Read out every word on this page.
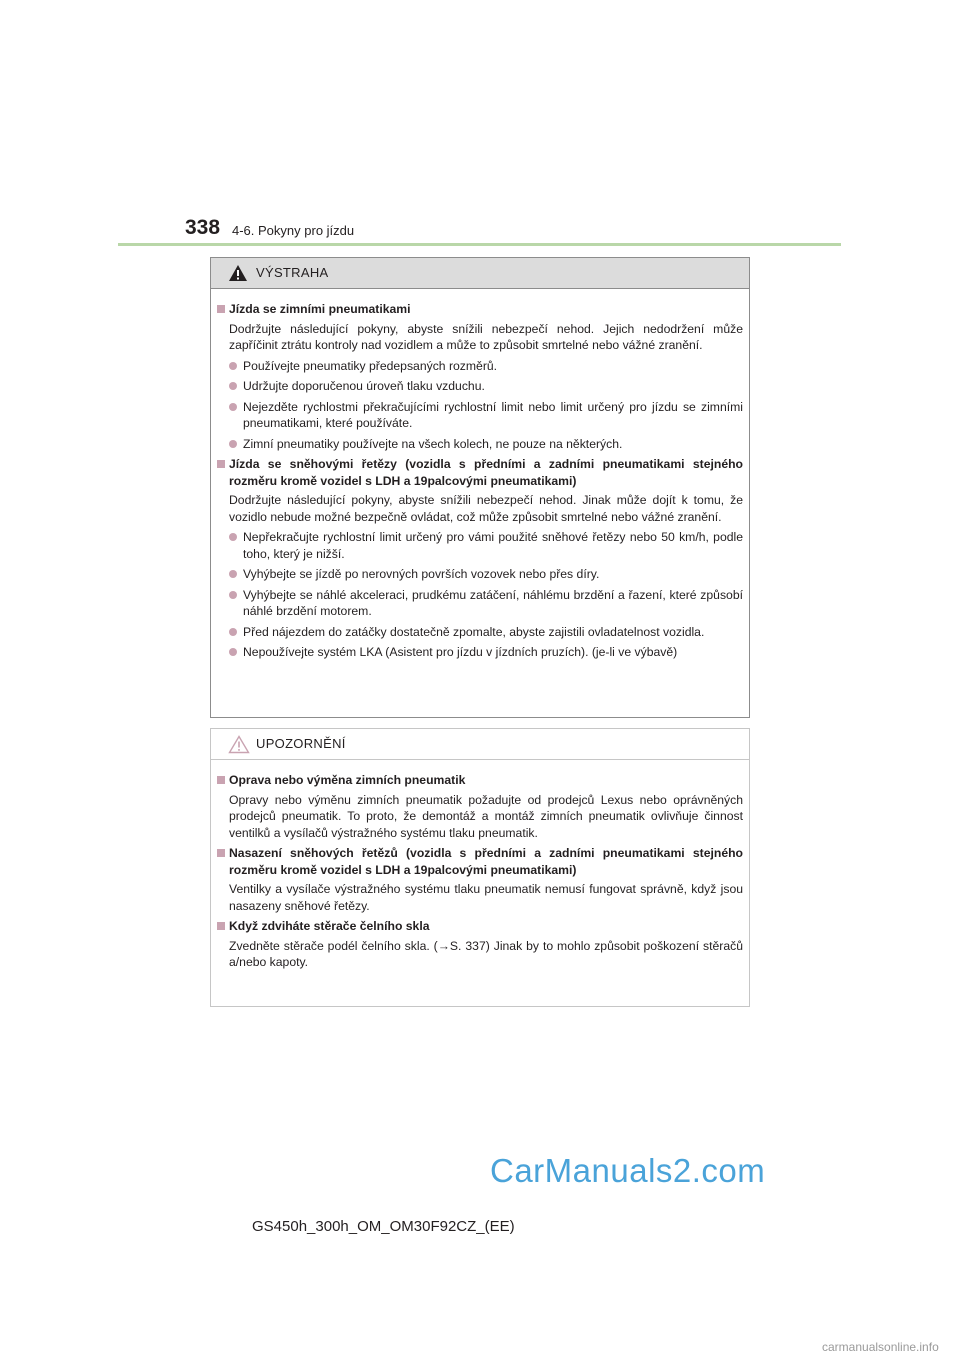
338 4-6. Pokyny pro jízdu
VÝSTRAHA
Jízda se zimními pneumatikami
Dodržujte následující pokyny, abyste snížili nebezpečí nehod. Jejich nedodržení může zapříčinit ztrátu kontroly nad vozidlem a může to způsobit smrtelné nebo vážné zranění.
Používejte pneumatiky předepsaných rozměrů.
Udržujte doporučenou úroveň tlaku vzduchu.
Nejezděte rychlostmi překračujícími rychlostní limit nebo limit určený pro jízdu se zimními pneumatikami, které používáte.
Zimní pneumatiky používejte na všech kolech, ne pouze na některých.
Jízda se sněhovými řetězy (vozidla s předními a zadními pneumatikami stejného rozměru kromě vozidel s LDH a 19palcovými pneumatikami)
Dodržujte následující pokyny, abyste snížili nebezpečí nehod. Jinak může dojít k tomu, že vozidlo nebude možné bezpečně ovládat, což může způsobit smrtelné nebo vážné zranění.
Nepřekračujte rychlostní limit určený pro vámi použité sněhové řetězy nebo 50 km/h, podle toho, který je nižší.
Vyhýbejte se jízdě po nerovných površích vozovek nebo přes díry.
Vyhýbejte se náhlé akceleraci, prudkému zatáčení, náhlému brzdění a řazení, které způsobí náhlé brzdění motorem.
Před nájezdem do zatáčky dostatečně zpomalte, abyste zajistili ovladatelnost vozidla.
Nepoužívejte systém LKA (Asistent pro jízdu v jízdních pruzích). (je-li ve výbavě)
UPOZORNĚNÍ
Oprava nebo výměna zimních pneumatik
Opravy nebo výměnu zimních pneumatik požadujte od prodejců Lexus nebo oprávněných prodejců pneumatik. To proto, že demontáž a montáž zimních pneumatik ovlivňuje činnost ventilků a vysílačů výstražného systému tlaku pneumatik.
Nasazení sněhových řetězů (vozidla s předními a zadními pneumatikami stejného rozměru kromě vozidel s LDH a 19palcovými pneumatikami)
Ventilky a vysílače výstražného systému tlaku pneumatik nemusí fungovat správně, když jsou nasazeny sněhové řetězy.
Když zdviháte stěrače čelního skla
Zvedněte stěrače podél čelního skla. (→S. 337) Jinak by to mohlo způsobit poškození stěračů a/nebo kapoty.
CarManuals2.com
GS450h_300h_OM_OM30F92CZ_(EE)
carmanualsonline.info
